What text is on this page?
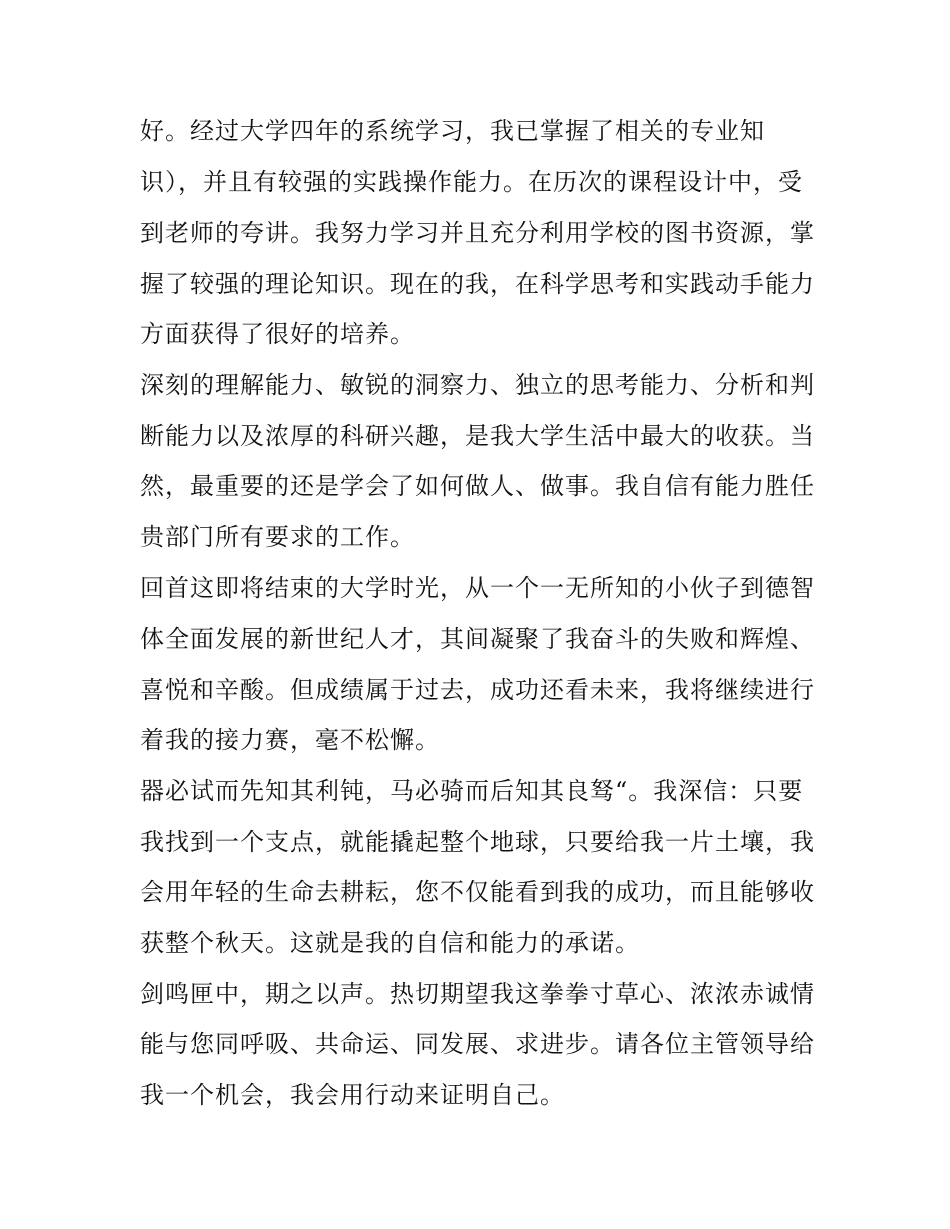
好。经过大学四年的系统学习，我已掌握了相关的专业知
识），并且有较强的实践操作能力。在历次的课程设计中，受
到老师的夸讲。我努力学习并且充分利用学校的图书资源，掌
握了较强的理论知识。现在的我，在科学思考和实践动手能力
方面获得了很好的培养。
深刻的理解能力、敏锐的洞察力、独立的思考能力、分析和判
断能力以及浓厚的科研兴趣，是我大学生活中最大的收获。当
然，最重要的还是学会了如何做人、做事。我自信有能力胜任
贵部门所有要求的工作。
回首这即将结束的大学时光，从一个一无所知的小伙子到德智
体全面发展的新世纪人才，其间凝聚了我奋斗的失败和辉煌、
喜悦和辛酸。但成绩属于过去，成功还看未来，我将继续进行
着我的接力赛，毫不松懈。
器必试而先知其利钝，马必骑而后知其良驽“。我深信：只要
我找到一个支点，就能撬起整个地球，只要给我一片土壤，我
会用年轻的生命去耕耘，您不仅能看到我的成功，而且能够收
获整个秋天。这就是我的自信和能力的承诺。
剑鸣匣中，期之以声。热切期望我这拳拳寸草心、浓浓赤诚情
能与您同呼吸、共命运、同发展、求进步。请各位主管领导给
我一个机会，我会用行动来证明自己。
